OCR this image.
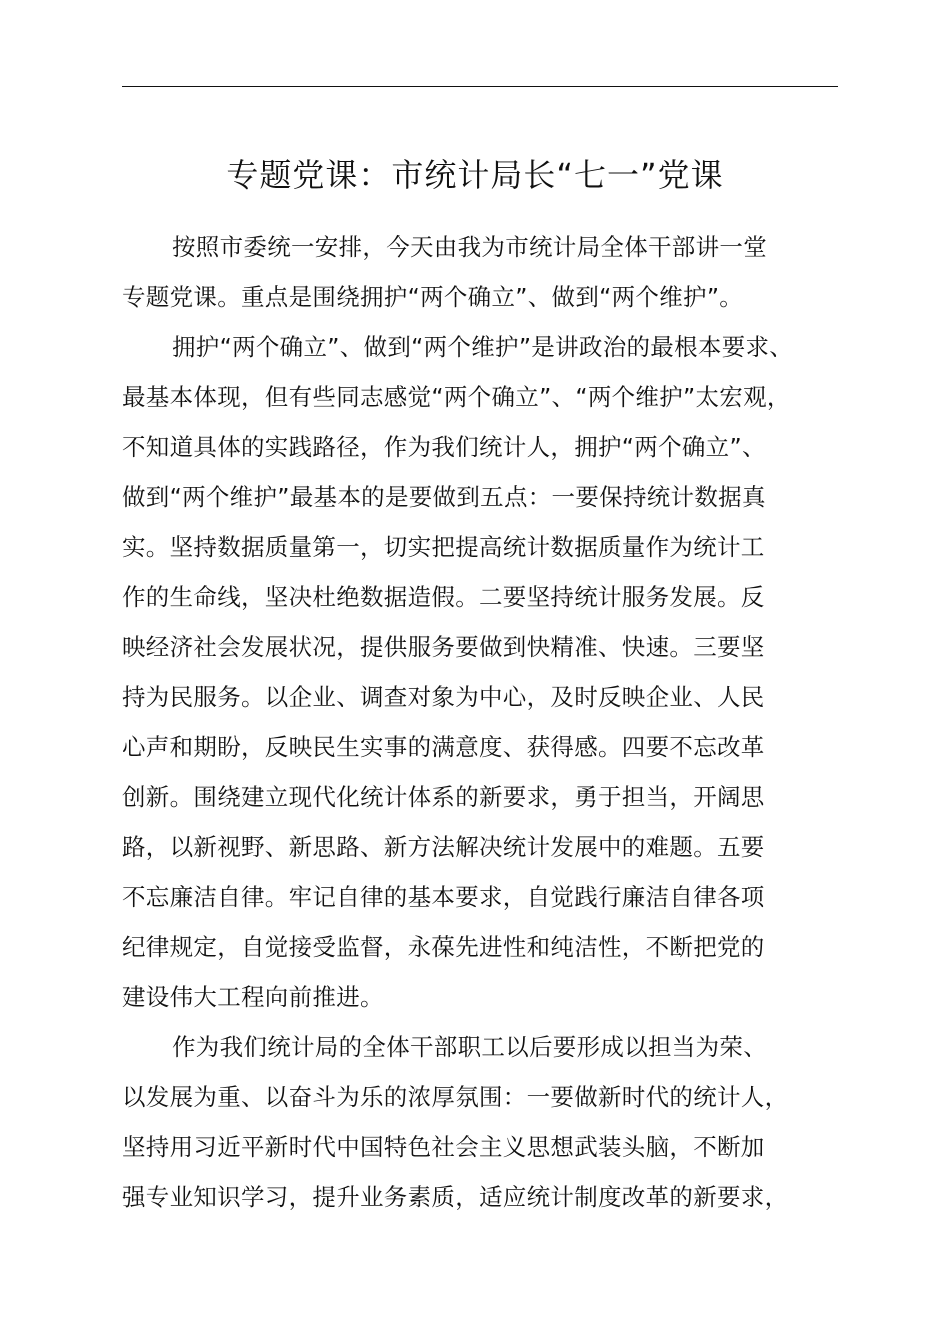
专题党课：市统计局长“七一”党课

按照市委统一安排，今天由我为市统计局全体干部讲一堂
专题党课。重点是围绕拥护“两个确立”、做到“两个维护”。

拥护“两个确立”、做到“两个维护”是讲政治的最根本要求、
最基本体现，但有些同志感觉“两个确立”、“两个维护”太宏观，
不知道具体的实践路径，作为我们统计人，拥护“两个确立”、
做到“两个维护”最基本的是要做到五点：一要保持统计数据真
实。坚持数据质量第一，切实把提高统计数据质量作为统计工
作的生命线，坚决杜绝数据造假。二要坚持统计服务发展。反
映经济社会发展状况，提供服务要做到快精准、快速。三要坚
持为民服务。以企业、调查对象为中心，及时反映企业、人民
心声和期盼，反映民生实事的满意度、获得感。四要不忘改革
创新。围绕建立现代化统计体系的新要求，勇于担当，开阔思
路，以新视野、新思路、新方法解决统计发展中的难题。五要
不忘廉洁自律。牢记自律的基本要求，自觉践行廉洁自律各项
纪律规定，自觉接受监督，永葆先进性和纯洁性，不断把党的
建设伟大工程向前推进。

作为我们统计局的全体干部职工以后要形成以担当为荣、
以发展为重、以奋斗为乐的浓厚氛围：一要做新时代的统计人，
坚持用习近平新时代中国特色社会主义思想武装头脑，不断加
强专业知识学习，提升业务素质，适应统计制度改革的新要求，
